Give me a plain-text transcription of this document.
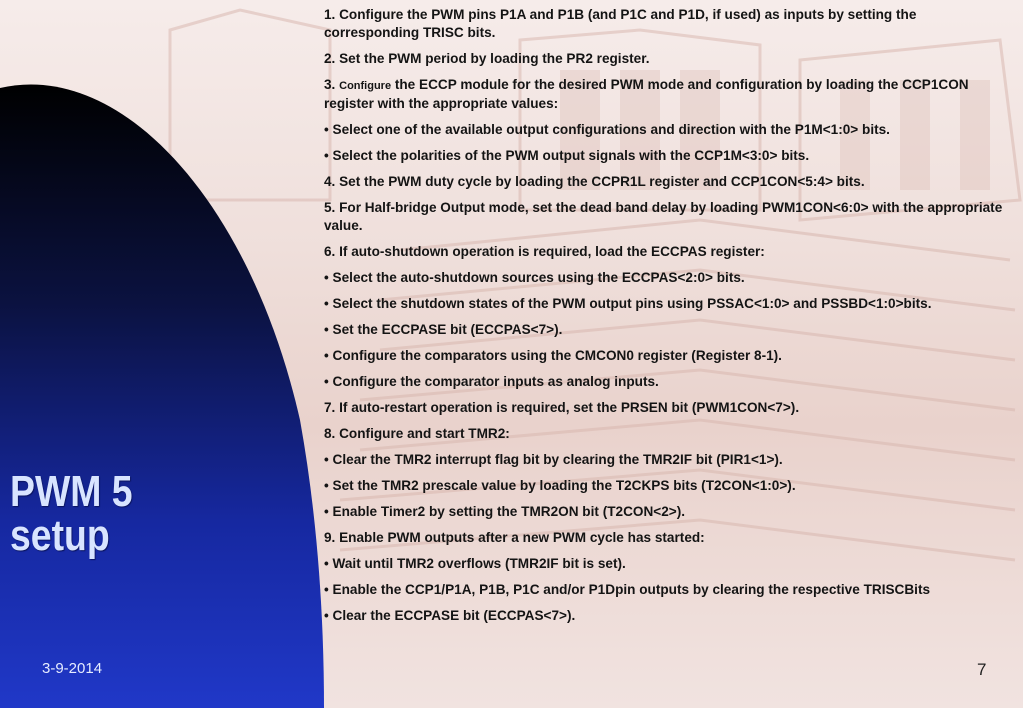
PWM 5
setup
3-9-2014	7

1. Configure the PWM pins P1A and P1B (and P1C and P1D, if used) as inputs by setting the corresponding TRISC bits.

2. Set the PWM period by loading the PR2 register.

3. Configure the ECCP module for the desired PWM mode and configuration by loading the CCP1CON register with the appropriate values:

• Select one of the available output configurations and direction with the P1M<1:0> bits.

• Select the polarities of the PWM output signals with the CCP1M<3:0> bits.

4. Set the PWM duty cycle by loading the CCPR1L register and CCP1CON<5:4> bits.

5. For Half-bridge Output mode, set the dead band delay by loading PWM1CON<6:0> with the appropriate value.

6. If auto-shutdown operation is required, load the ECCPAS register:

• Select the auto-shutdown sources using the ECCPAS<2:0> bits.

• Select the shutdown states of the PWM output pins using PSSAC<1:0> and PSSBD<1:0>bits.

• Set the ECCPASE bit (ECCPAS<7>).

• Configure the comparators using the CMCON0 register (Register 8-1).

• Configure the comparator inputs as analog inputs.

7. If auto-restart operation is required, set the PRSEN bit (PWM1CON<7>).

8. Configure and start TMR2:

• Clear the TMR2 interrupt flag bit by clearing the TMR2IF bit (PIR1<1>).

• Set the TMR2 prescale value by loading the T2CKPS bits (T2CON<1:0>).

• Enable Timer2 by setting the TMR2ON bit (T2CON<2>).

9. Enable PWM outputs after a new PWM cycle has started:

• Wait until TMR2 overflows (TMR2IF bit is set).

• Enable the CCP1/P1A, P1B, P1C and/or P1Dpin outputs by clearing the respective TRISCBits

• Clear the ECCPASE bit (ECCPAS<7>).
